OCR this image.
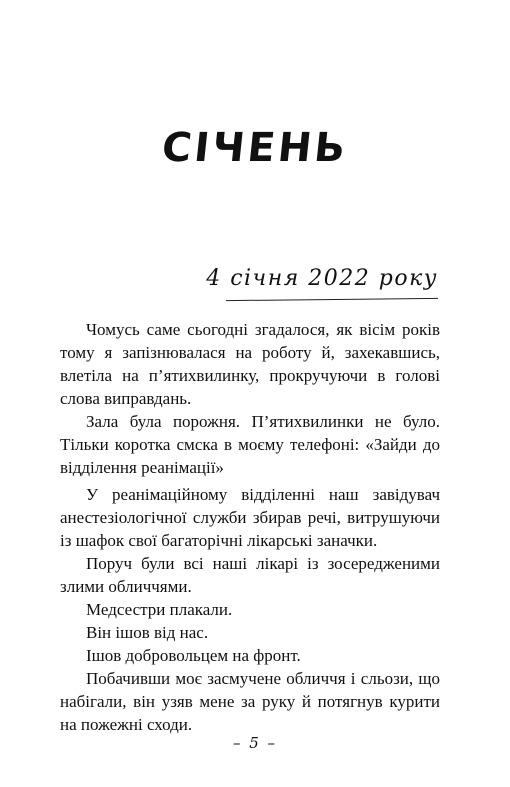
СІЧЕНЬ
4 січня 2022 року

Чомусь саме сьогодні згадалося, як вісім років тому я запізнювалася на роботу й, захекавшись, влетіла на п’ятихвилинку, прокручуючи в голові слова виправдань.

Зала була порожня. П’ятихвилинки не було. Тільки коротка смска в моєму телефоні: «Зайди до відділення реанімації»

У реанімаційному відділенні наш завідувач анестезіологічної служби збирав речі, витрушуючи із шафок свої багаторічні лікарські заначки.

Поруч були всі наші лікарі із зосередженими злими обличчями.

Медсестри плакали.

Він ішов від нас.

Ішов добровольцем на фронт.

Побачивши моє засмучене обличчя і сльози, що набігали, він узяв мене за руку й потягнув курити на пожежні сходи.

– 5 –
